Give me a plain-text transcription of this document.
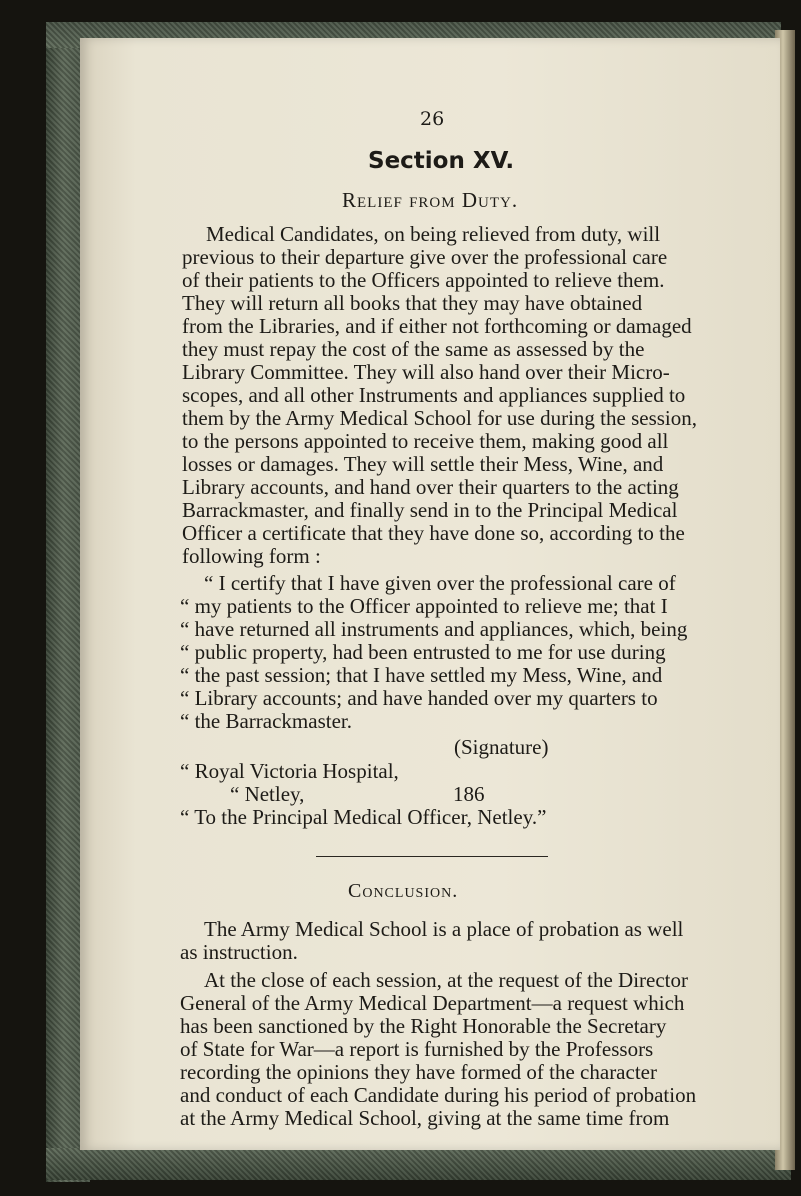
26
Section XV.
Relief from Duty.
Medical Candidates, on being relieved from duty, will
previous to their departure give over the professional care
of their patients to the Officers appointed to relieve them.
They will return all books that they may have obtained
from the Libraries, and if either not forthcoming or damaged
they must repay the cost of the same as assessed by the
Library Committee. They will also hand over their Micro-
scopes, and all other Instruments and appliances supplied to
them by the Army Medical School for use during the session,
to the persons appointed to receive them, making good all
losses or damages. They will settle their Mess, Wine, and
Library accounts, and hand over their quarters to the acting
Barrackmaster, and finally send in to the Principal Medical
Officer a certificate that they have done so, according to the
following form :
“ I certify that I have given over the professional care of
“ my patients to the Officer appointed to relieve me; that I
“ have returned all instruments and appliances, which, being
“ public property, had been entrusted to me for use during
“ the past session; that I have settled my Mess, Wine, and
“ Library accounts; and have handed over my quarters to
“ the Barrackmaster.
(Signature)
“ Royal Victoria Hospital,
“ Netley,	186
“ To the Principal Medical Officer, Netley.”
Conclusion.
The Army Medical School is a place of probation as well
as instruction.
At the close of each session, at the request of the Director
General of the Army Medical Department—a request which
has been sanctioned by the Right Honorable the Secretary
of State for War—a report is furnished by the Professors
recording the opinions they have formed of the character
and conduct of each Candidate during his period of probation
at the Army Medical School, giving at the same time from
